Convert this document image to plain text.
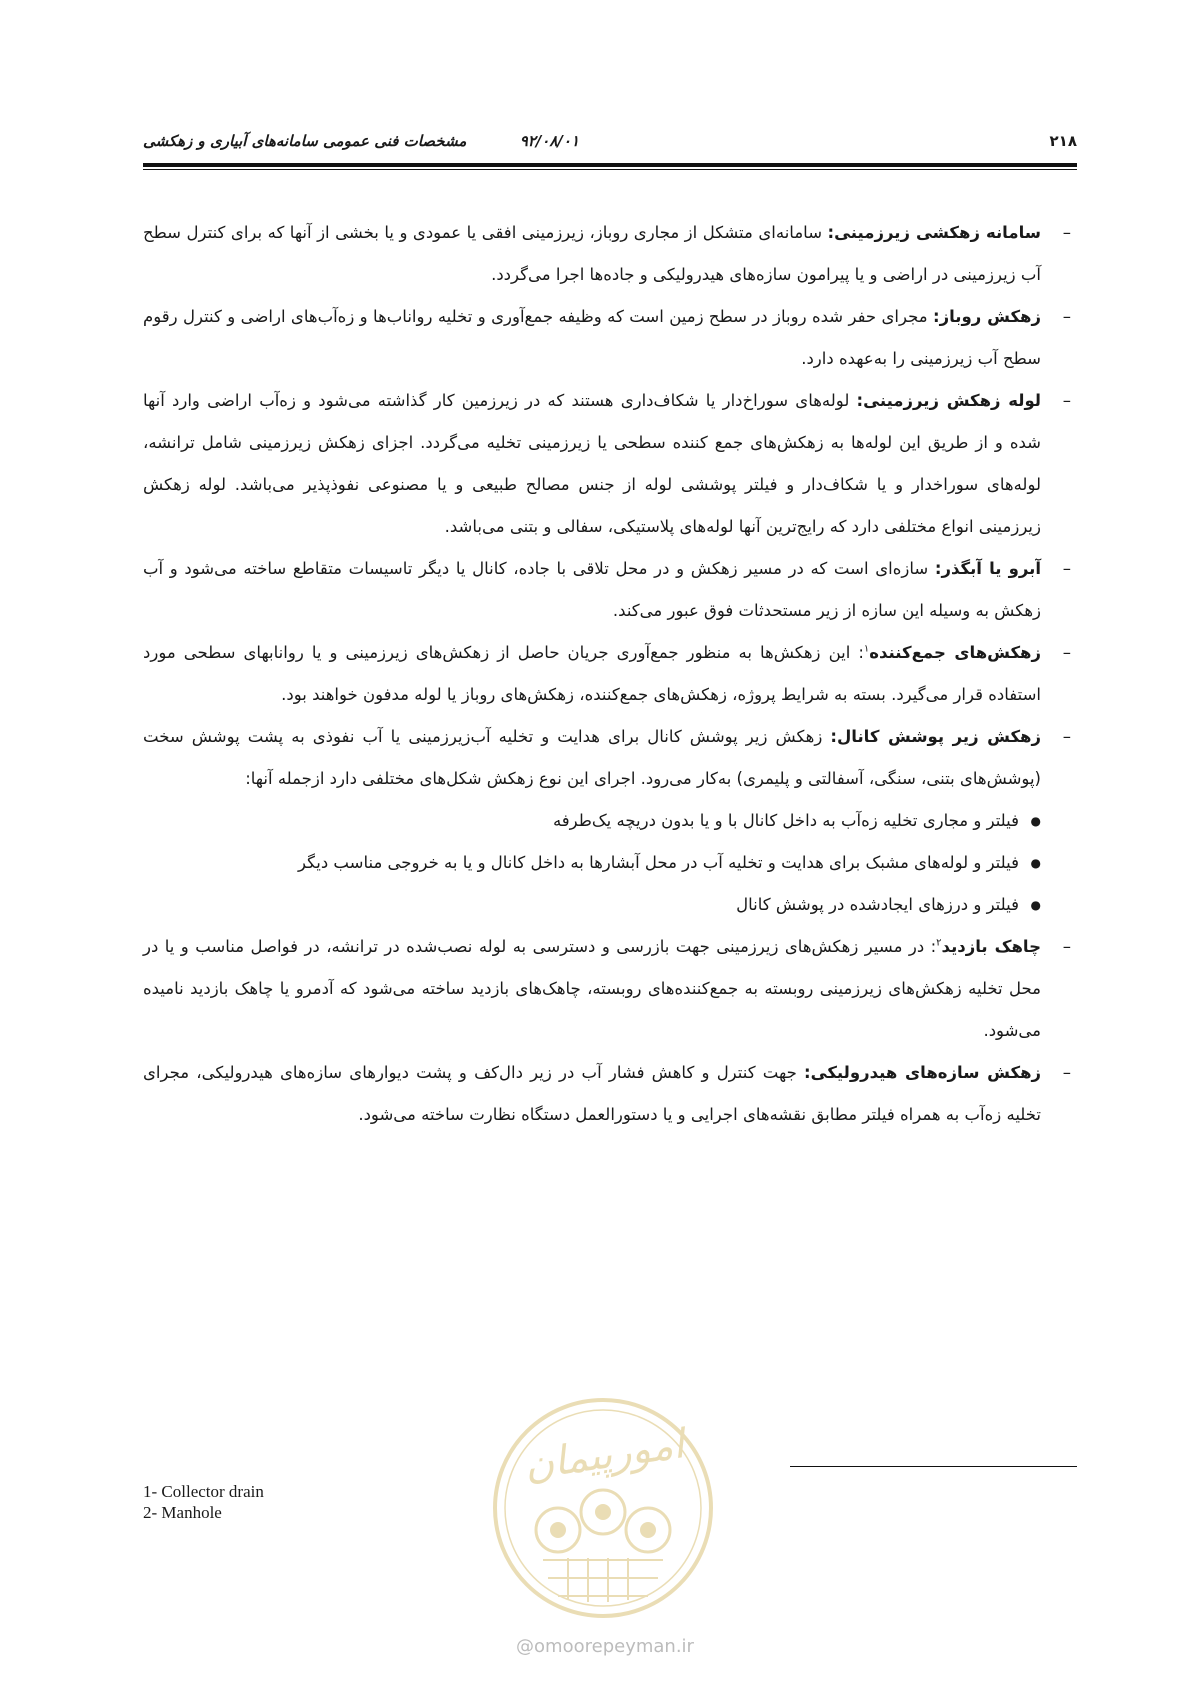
۲۱۸
۹۲/۰۸/۰۱
مشخصات فنی عمومی سامانه‌های آبیاری و زهکشی
– سامانه زهکشی زیرزمینی: سامانه‌ای متشکل از مجاری روباز، زیرزمینی افقی یا عمودی و یا بخشی از آنها که برای کنترل سطح آب زیرزمینی در اراضی و یا پیرامون سازه‌های هیدرولیکی و جاده‌ها اجرا می‌گردد.
– زهکش روباز: مجرای حفر شده روباز در سطح زمین است که وظیفه جمع‌آوری و تخلیه رواناب‌ها و زه‌آب‌های اراضی و کنترل رقوم سطح آب زیرزمینی را به‌عهده دارد.
– لوله زهکش زیرزمینی: لوله‌های سوراخ‌دار یا شکاف‌داری هستند که در زیرزمین کار گذاشته می‌شود و زه‌آب اراضی وارد آنها شده و از طریق این لوله‌ها به زهکش‌های جمع کننده سطحی یا زیرزمینی تخلیه می‌گردد. اجزای زهکش زیرزمینی شامل ترانشه، لوله‌های سوراخدار و یا شکاف‌دار و فیلتر پوششی لوله از جنس مصالح طبیعی و یا مصنوعی نفوذپذیر می‌باشد. لوله زهکش زیرزمینی انواع مختلفی دارد که رایج‌ترین آنها لوله‌های پلاستیکی، سفالی و بتنی می‌باشد.
– آبرو یا آبگذر: سازه‌ای است که در مسیر زهکش و در محل تلاقی با جاده، کانال یا دیگر تاسیسات متقاطع ساخته می‌شود و آب زهکش به وسیله این سازه از زیر مستحدثات فوق عبور می‌کند.
– زهکش‌های جمع‌کننده$^۱$: این زهکش‌ها به منظور جمع‌آوری جریان حاصل از زهکش‌های زیرزمینی و یا روانابهای سطحی مورد استفاده قرار می‌گیرد. بسته به شرایط پروژه، زهکش‌های جمع‌کننده، زهکش‌های روباز یا لوله مدفون خواهند بود.
– زهکش زیر پوشش کانال: زهکش زیر پوشش کانال برای هدایت و تخلیه آب‌زیرزمینی یا آب نفوذی به پشت پوشش سخت (پوشش‌های بتنی، سنگی، آسفالتی و پلیمری) به‌کار می‌رود. اجرای این نوع زهکش شکل‌های مختلفی دارد ازجمله آنها:
● فیلتر و مجاری تخلیه زه‌آب به داخل کانال با و یا بدون دریچه یک‌طرفه
● فیلتر و لوله‌های مشبک برای هدایت و تخلیه آب در محل آبشارها به داخل کانال و یا به خروجی مناسب دیگر
● فیلتر و درزهای ایجادشده در پوشش کانال
– چاهک بازدید$^۲$: در مسیر زهکش‌های زیرزمینی جهت بازرسی و دسترسی به لوله نصب‌شده در ترانشه، در فواصل مناسب و یا در محل تخلیه زهکش‌های زیرزمینی روبسته به جمع‌کننده‌های روبسته، چاهک‌های بازدید ساخته می‌شود که آدمرو یا چاهک بازدید نامیده می‌شود.
– زهکش سازه‌های هیدرولیکی: جهت کنترل و کاهش فشار آب در زیر دال‌کف و پشت دیوارهای سازه‌های هیدرولیکی، مجرای تخلیه زه‌آب به همراه فیلتر مطابق نقشه‌های اجرایی و یا دستورالعمل دستگاه نظارت ساخته می‌شود.
1- Collector drain
2- Manhole
امورپیمان
@omoorepeyman.ir
